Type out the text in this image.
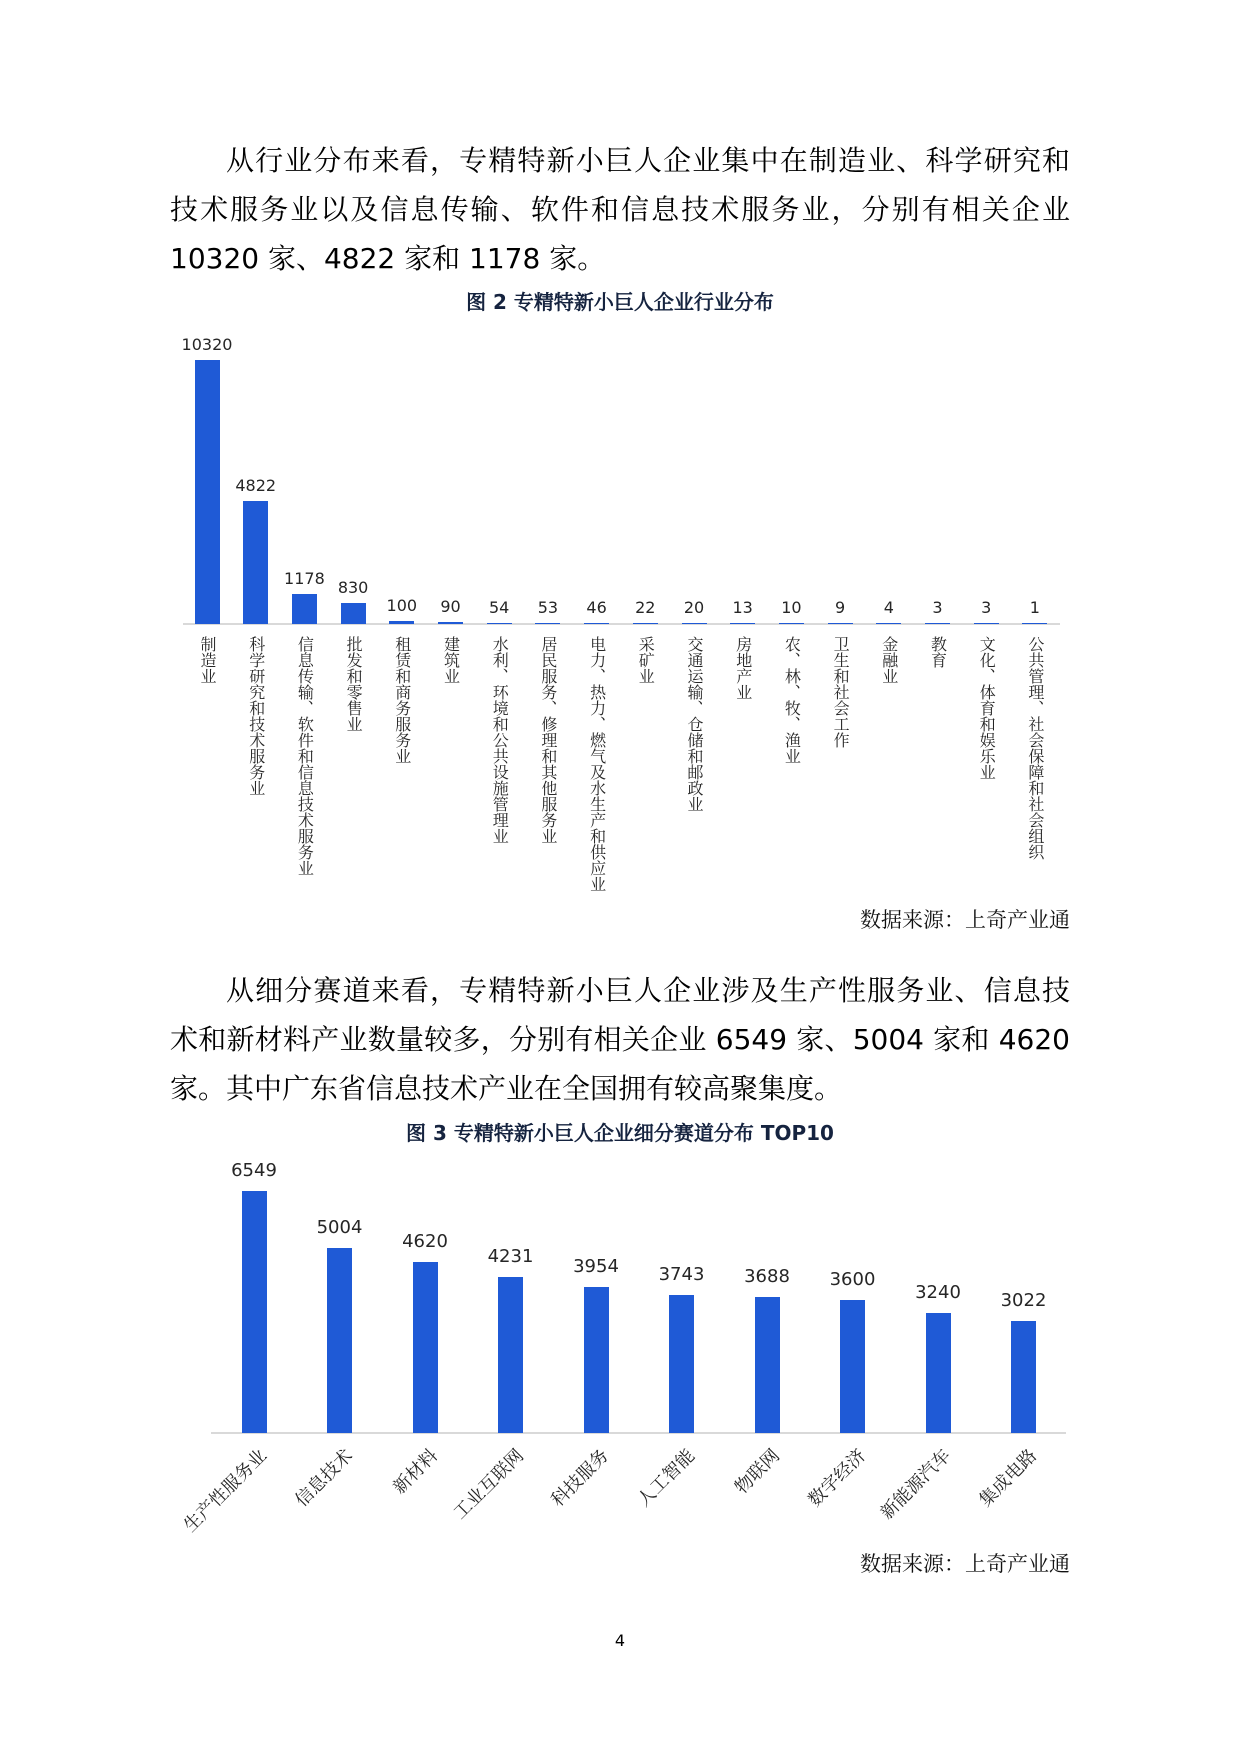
从行业分布来看，专精特新小巨人企业集中在制造业、科学研究和
技术服务业以及信息传输、软件和信息技术服务业，分别有相关企业
10320 家、4822 家和 1178 家。
图 2 专精特新小巨人企业行业分布
10320
制造业
4822
科学研究和技术服务业
1178
信息传输、软件和信息技术服务业
830
批发和零售业
100
租赁和商务服务业
90
建筑业
54
水利、环境和公共设施管理业
53
居民服务、修理和其他服务业
46
电力、热力、燃气及水生产和供应业
22
采矿业
20
交通运输、仓储和邮政业
13
房地产业
10
农、林、牧、渔业
9
卫生和社会工作
4
金融业
3
教育
3
文化、体育和娱乐业
1
公共管理、社会保障和社会组织
数据来源：上奇产业通
从细分赛道来看，专精特新小巨人企业涉及生产性服务业、信息技
术和新材料产业数量较多，分别有相关企业 6549 家、5004 家和 4620
家。其中广东省信息技术产业在全国拥有较高聚集度。
图 3 专精特新小巨人企业细分赛道分布 TOP10
6549
生产性服务业
5004
信息技术
4620
新材料
4231
工业互联网
3954
科技服务
3743
人工智能
3688
物联网
3600
数字经济
3240
新能源汽车
3022
集成电路
数据来源：上奇产业通
4
